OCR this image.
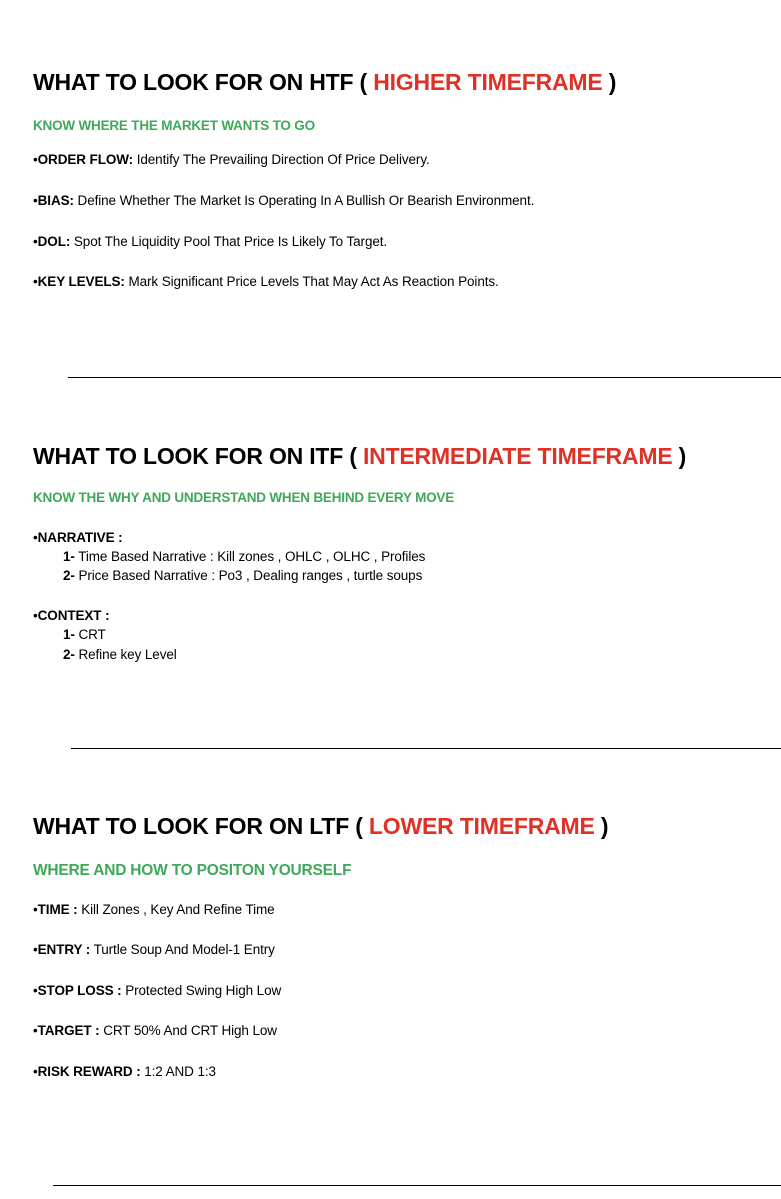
WHAT TO LOOK FOR ON HTF ( HIGHER TIMEFRAME )

KNOW WHERE THE MARKET WANTS TO GO

•ORDER FLOW: Identify The Prevailing Direction Of Price Delivery.
•BIAS: Define Whether The Market Is Operating In A Bullish Or Bearish Environment.
•DOL: Spot The Liquidity Pool That Price Is Likely To Target.
•KEY LEVELS: Mark Significant Price Levels That May Act As Reaction Points.
WHAT TO LOOK FOR ON ITF ( INTERMEDIATE TIMEFRAME )

KNOW THE WHY AND UNDERSTAND WHEN BEHIND EVERY MOVE

•NARRATIVE :
1- Time Based Narrative : Kill zones , OHLC , OLHC , Profiles
2- Price Based Narrative : Po3 , Dealing ranges , turtle soups
•CONTEXT :
1- CRT
2- Refine key Level
WHAT TO LOOK FOR ON LTF ( LOWER TIMEFRAME )

WHERE AND HOW TO POSITON YOURSELF

•TIME : Kill Zones , Key And Refine Time
•ENTRY : Turtle Soup And Model-1 Entry
•STOP LOSS : Protected Swing High Low
•TARGET : CRT 50% And CRT High Low
•RISK REWARD : 1:2 AND 1:3
